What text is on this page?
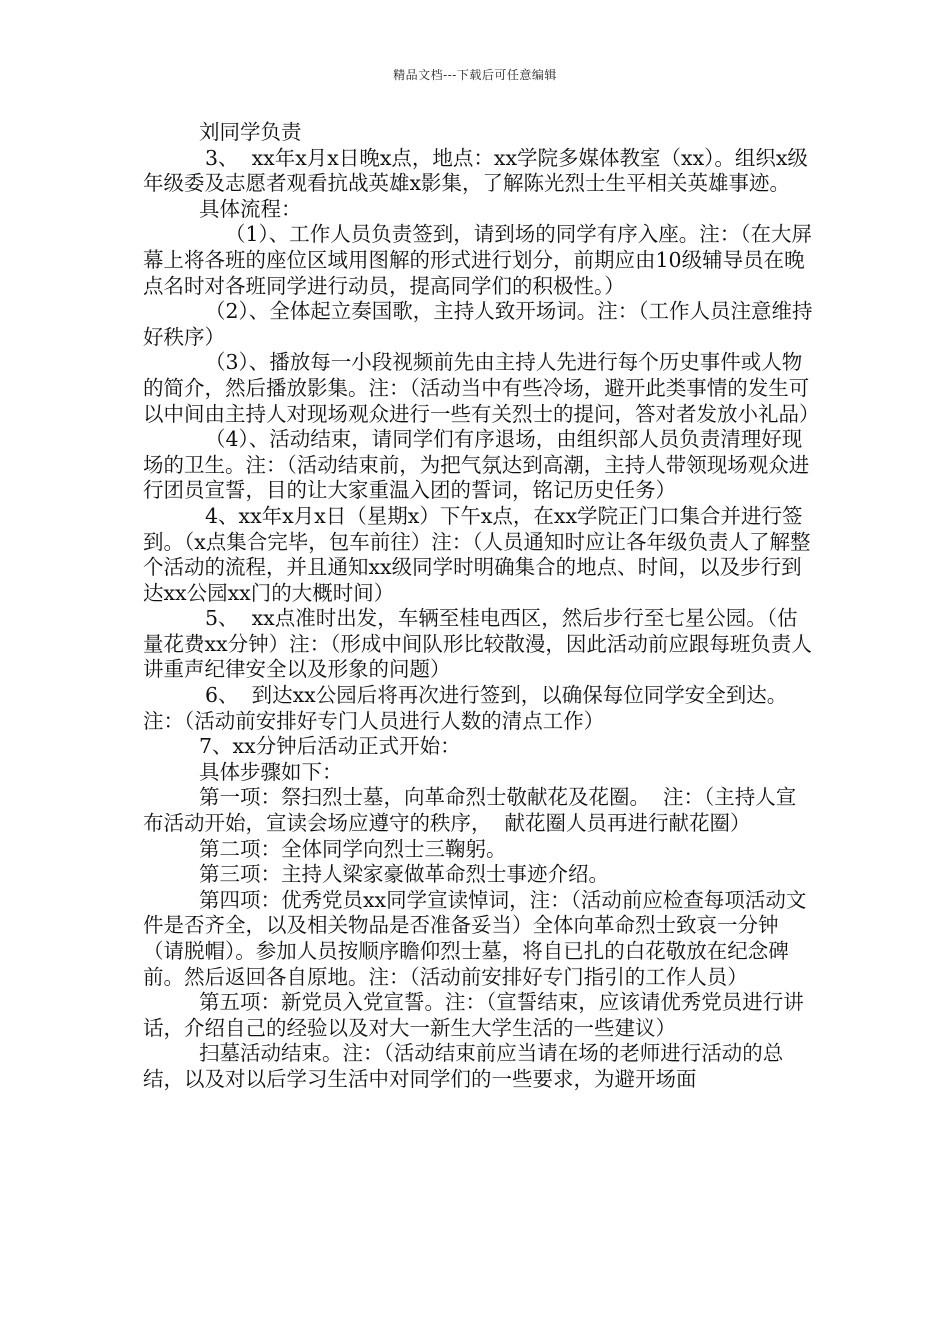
精品文档---下载后可任意编辑

刘同学负责

3、  xx年x月x日晚x点，地点：xx学院多媒体教室（xx）。组织x级年级委及志愿者观看抗战英雄x影集，了解陈光烈士生平相关英雄事迹。

具体流程：

（1）、工作人员负责签到，请到场的同学有序入座。注：（在大屏幕上将各班的座位区域用图解的形式进行划分，前期应由10级辅导员在晚点名时对各班同学进行动员，提高同学们的积极性。）

（2）、全体起立奏国歌，主持人致开场词。注：（工作人员注意维持好秩序）

（3）、播放每一小段视频前先由主持人先进行每个历史事件或人物的简介，然后播放影集。注：（活动当中有些冷场，避开此类事情的发生可以中间由主持人对现场观众进行一些有关烈士的提问，答对者发放小礼品）

（4）、活动结束，请同学们有序退场，由组织部人员负责清理好现场的卫生。注：（活动结束前，为把气氛达到高潮，主持人带领现场观众进行团员宣誓，目的让大家重温入团的誓词，铭记历史任务）

4、xx年x月x日（星期x）下午x点，在xx学院正门口集合并进行签到。（x点集合完毕，包车前往）注：（人员通知时应让各年级负责人了解整个活动的流程，并且通知xx级同学时明确集合的地点、时间，以及步行到达xx公园xx门的大概时间）

5、  xx点准时出发，车辆至桂电西区，然后步行至七星公园。（估量花费xx分钟）注：（形成中间队形比较散漫，因此活动前应跟每班负责人讲重声纪律安全以及形象的问题）

6、  到达xx公园后将再次进行签到，以确保每位同学安全到达。注：（活动前安排好专门人员进行人数的清点工作）

7、xx分钟后活动正式开始：

具体步骤如下：

第一项：祭扫烈士墓，向革命烈士敬献花及花圈。  注：（主持人宣布活动开始，宣读会场应遵守的秩序，  献花圈人员再进行献花圈）

第二项：全体同学向烈士三鞠躬。

第三项：主持人梁家豪做革命烈士事迹介绍。

第四项：优秀党员xx同学宣读悼词，注：（活动前应检查每项活动文件是否齐全，以及相关物品是否准备妥当）全体向革命烈士致哀一分钟（请脱帽）。参加人员按顺序瞻仰烈士墓，将自已扎的白花敬放在纪念碑前。然后返回各自原地。注：（活动前安排好专门指引的工作人员）

第五项：新党员入党宣誓。注：（宣誓结束，应该请优秀党员进行讲话，介绍自己的经验以及对大一新生大学生活的一些建议）

扫墓活动结束。注：（活动结束前应当请在场的老师进行活动的总结，以及对以后学习生活中对同学们的一些要求，为避开场面
